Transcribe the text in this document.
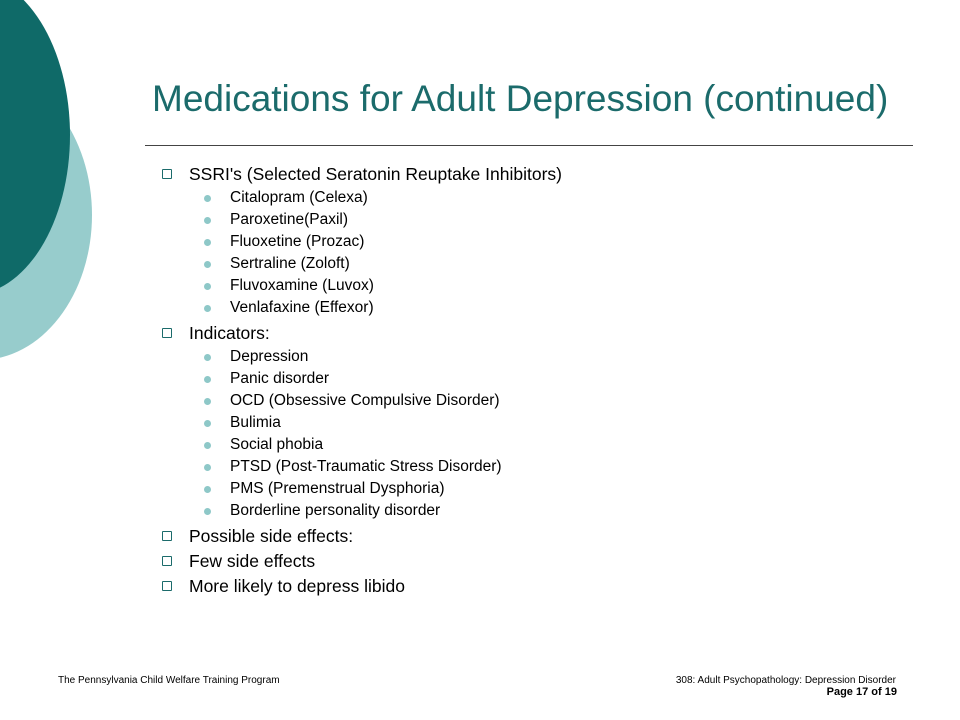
Medications for Adult Depression (continued)
SSRI's (Selected Seratonin Reuptake Inhibitors)
Citalopram (Celexa)
Paroxetine(Paxil)
Fluoxetine (Prozac)
Sertraline (Zoloft)
Fluvoxamine (Luvox)
Venlafaxine (Effexor)
Indicators:
Depression
Panic disorder
OCD (Obsessive Compulsive Disorder)
Bulimia
Social phobia
PTSD (Post-Traumatic Stress Disorder)
PMS (Premenstrual Dysphoria)
Borderline personality disorder
Possible side effects:
Few side effects
More likely to depress libido
The Pennsylvania Child Welfare Training Program	308: Adult Psychopathology: Depression Disorder
Page 17 of 19
